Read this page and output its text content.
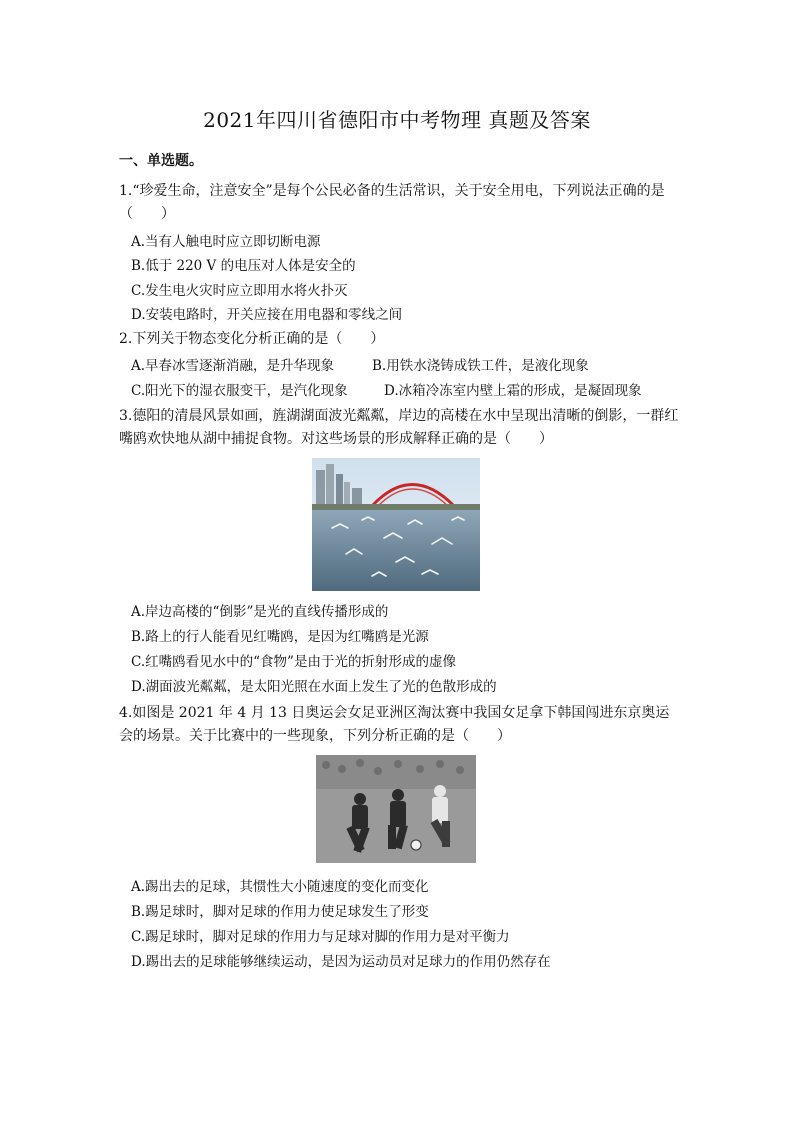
2021年四川省德阳市中考物理 真题及答案
一、单选题。
1.“珍爱生命，注意安全”是每个公民必备的生活常识，关于安全用电，下列说法正确的是（　　）
A.当有人触电时应立即切断电源
B.低于 220 V 的电压对人体是安全的
C.发生电火灾时应立即用水将火扑灭
D.安装电路时，开关应接在用电器和零线之间
2.下列关于物态变化分析正确的是（　　）
A.早春冰雪逐渐消融，是升华现象	B.用铁水浇铸成铁工件，是液化现象
C.阳光下的湿衣服变干，是汽化现象	D.冰箱冷冻室内壁上霜的形成，是凝固现象
3.德阳的清晨风景如画，旌湖湖面波光粼粼，岸边的高楼在水中呈现出清晰的倒影，一群红嘴鸥欢快地从湖中捕捉食物。对这些场景的形成解释正确的是（　　）
A.岸边高楼的“倒影”是光的直线传播形成的
B.路上的行人能看见红嘴鸥，是因为红嘴鸥是光源
C.红嘴鸥看见水中的“食物”是由于光的折射形成的虚像
D.湖面波光粼粼，是太阳光照在水面上发生了光的色散形成的
4.如图是 2021 年 4 月 13 日奥运会女足亚洲区淘汰赛中我国女足拿下韩国闯进东京奥运会的场景。关于比赛中的一些现象，下列分析正确的是（　　）
A.踢出去的足球，其惯性大小随速度的变化而变化
B.踢足球时，脚对足球的作用力使足球发生了形变
C.踢足球时，脚对足球的作用力与足球对脚的作用力是对平衡力
D.踢出去的足球能够继续运动，是因为运动员对足球力的作用仍然存在
